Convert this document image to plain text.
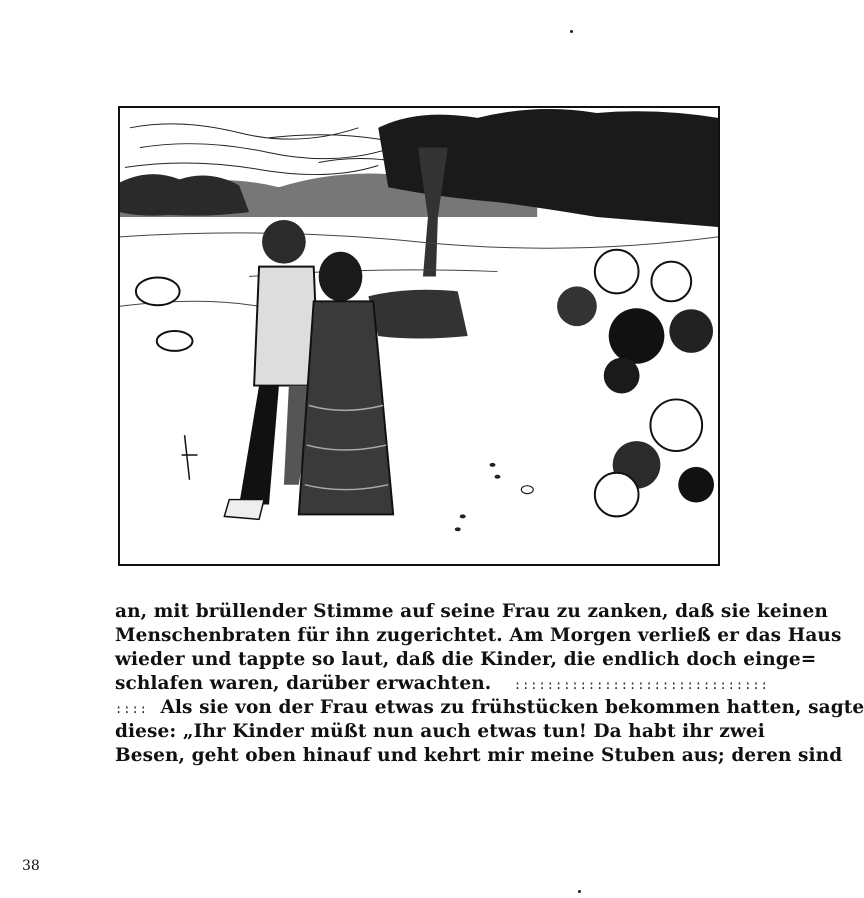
an, mit brüllender Stimme auf seine Frau zu zanken, daß sie keinen
Menschenbraten für ihn zugerichtet. Am Morgen verließ er das Haus
wieder und tappte so laut, daß die Kinder, die endlich doch einge=
schlafen waren, darüber erwachten. :::::::::::::::::::::::::::::::
:::: Als sie von der Frau etwas zu frühstücken bekommen hatten, sagte
diese: „Ihr Kinder müßt nun auch etwas tun! Da habt ihr zwei
Besen, geht oben hinauf und kehrt mir meine Stuben aus; deren sind
38
